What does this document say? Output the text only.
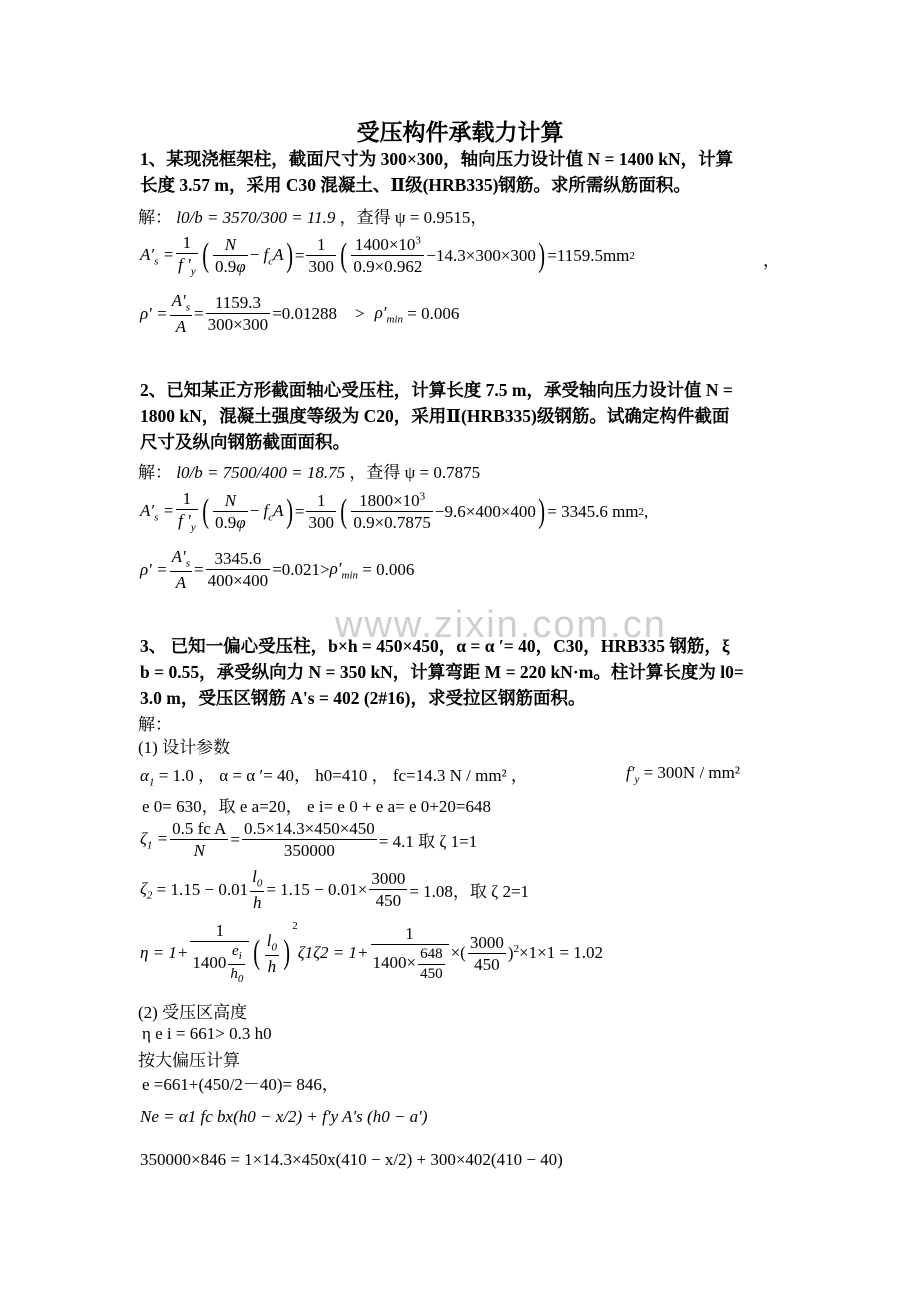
受压构件承载力计算
1、某现浇框架柱，截面尺寸为 300×300，轴向压力设计值 N = 1400 kN，计算
长度 3.57 m，采用 C30 混凝土、Ⅱ级(HRB335)钢筋。求所需纵筋面积。
解： l0/b = 3570/300 = 11.9 ，查得 ψ = 0.9515，
$A'_s = \frac{1}{f '_y}$ ( $\frac{N}{0.9\varphi} - f_cA$ ) = $\frac{1}{300}$ ( $\frac{1400\times 10^3}{0.9\times 0.962} -14.3\times 300\times 300$ ) =1159.5mm 2	，
$\rho' = \frac{A'_s}{A} = \frac{1159.3}{300\times 300} =0.01288 > \rho'_{min}$
= 0.006
2、已知某正方形截面轴心受压柱，计算长度 7.5 m，承受轴向压力设计值 N =
1800 kN，混凝土强度等级为 C20，采用Ⅱ(HRB335)级钢筋。试确定构件截面
尺寸及纵向钢筋截面面积。
解： l0/b = 7500/400 = 18.75 ，查得 ψ = 0.7875
$A'_s = \frac{1}{f '_y}$ ( $\frac{N}{0.9\varphi} - f_cA$ ) = $\frac{1}{300}$ ( $\frac{1800\times 10^3}{0.9\times 0.7875} -9.6\times 400\times 400$ ) = 3345.6 mm 2 ,
$\rho' = \frac{A'_s}{A} = \frac{3345.6}{400\times 400} =0.021> \rho'_{min}$
= 0.006
www.zixin.com.cn
3、 已知一偏心受压柱，b×h = 450×450，α = α ′= 40，C30，HRB335 钢筋，ξ
b = 0.55，承受纵向力 N = 350 kN，计算弯距 M = 220 kN·m。柱计算长度为 l0=
3.0 m，受压区钢筋 A's = 402 (2#16)，求受拉区钢筋面积。
解：
(1) 设计参数
$\alpha_1 = 1.0$ ， α = α ′= 40， h0=410 ， fc=14.3 N / mm² ，	$f'_y = 300N / mm^2$
e 0= 630，取 e a=20， e i= e 0 + e a= e 0+20=648
$\zeta_1 = \frac{\text{0.5 fc A}}{N} = \frac{0.5\times 14.3\times 450\times 450}{350000} = 4.1$ 取 ζ 1=1
$\zeta_2$
= $1.15 - 0.01 \frac{l_0}{h} = 1.15 - 0.01\times \frac{3000}{450} = 1.08$，取 ζ 2=1
$\eta = 1+ \frac{1}{1400 \frac{e_i}{h_0}}$ ( $\frac{l_0}{h}$ )
2
$\zeta 1\zeta 2 = 1+ \frac{1}{1400\times \frac{648}{450}}$ ×( $\frac{3000}{450} )^2 \times 1\times 1 = 1.02$
(2) 受压区高度
η e i = 661> 0.3 h0
按大偏压计算
e =661+(450/2－40)= 846，
Ne = α1 fc bx(h0 − x/2) + f′y A′s (h0 − a′)
350000×846 = 1×14.3×450x(410 − x/2) + 300×402(410 − 40)
